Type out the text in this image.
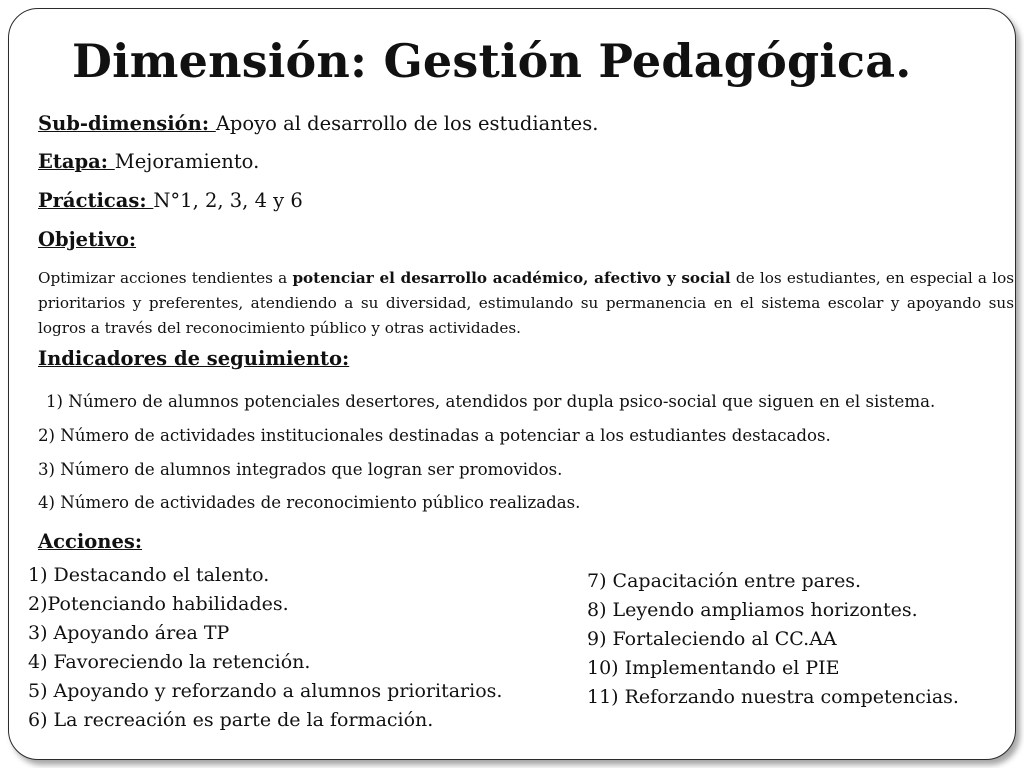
Dimensión: Gestión Pedagógica.

Sub-dimensión: Apoyo al desarrollo de los estudiantes.

Etapa: Mejoramiento.

Prácticas: N°1, 2, 3, 4 y 6

Objetivo:

Optimizar acciones tendientes a potenciar el desarrollo académico, afectivo y social de los estudiantes, en especial a los prioritarios y preferentes, atendiendo a su diversidad, estimulando su permanencia en el sistema escolar y apoyando sus logros a través del reconocimiento público y otras actividades.

Indicadores de seguimiento:

1) Número de alumnos potenciales desertores, atendidos por dupla psico-social que siguen en el sistema.

2) Número de actividades institucionales destinadas a potenciar a los estudiantes destacados.

3) Número de alumnos integrados que logran ser promovidos.

4) Número de actividades de reconocimiento público realizadas.

Acciones:

1) Destacando el talento.
2)Potenciando habilidades.
3) Apoyando área TP
4) Favoreciendo la retención.
5) Apoyando y reforzando a alumnos prioritarios.
6) La recreación es parte de la formación.
7) Capacitación entre pares.
8) Leyendo ampliamos horizontes.
9) Fortaleciendo al CC.AA
10) Implementando el PIE
11) Reforzando nuestra competencias.
